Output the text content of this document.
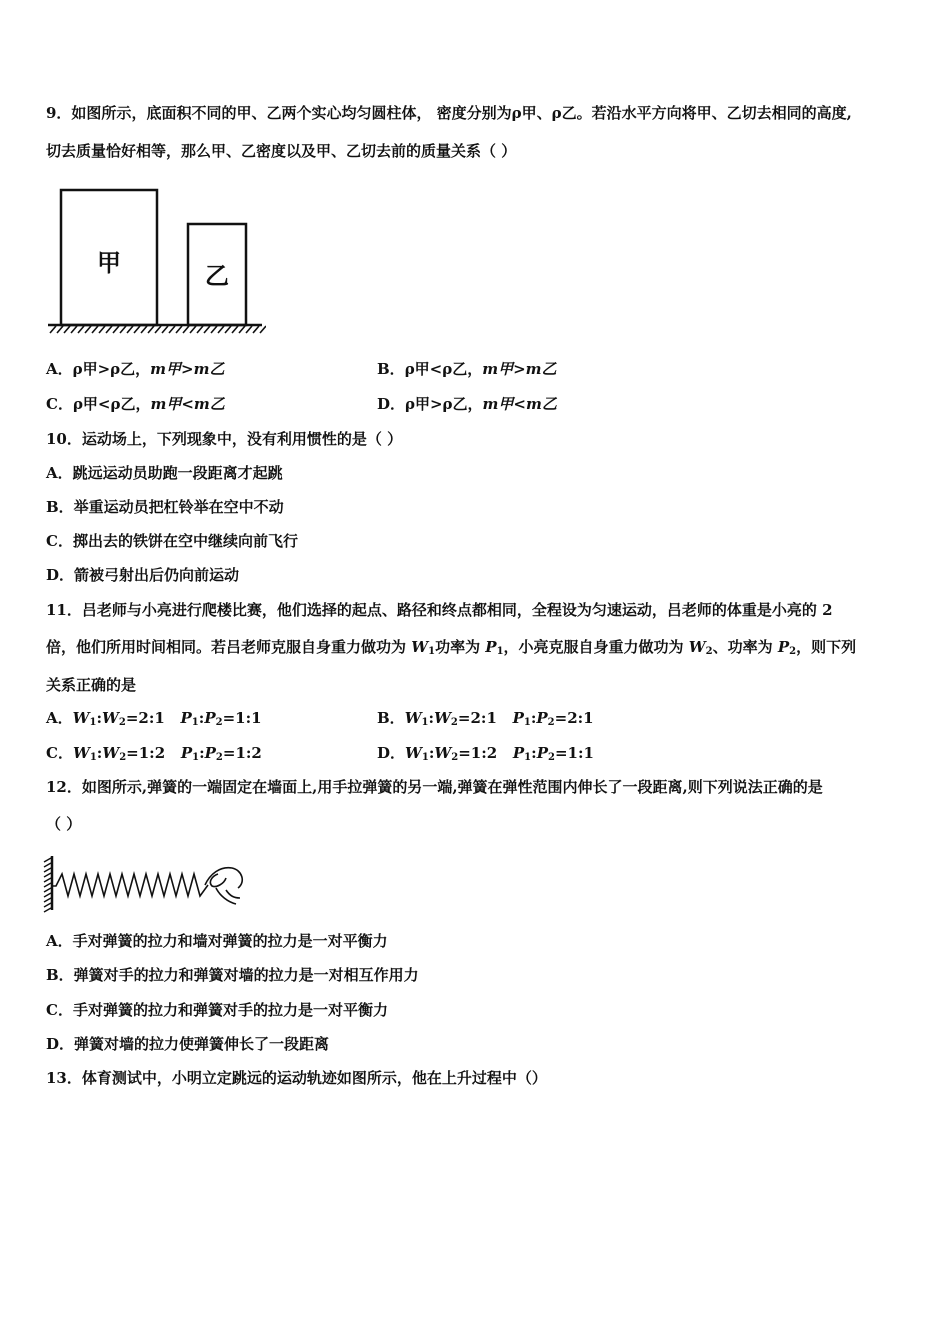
9．如图所示，底面积不同的甲、乙两个实心均匀圆柱体， 密度分别为ρ甲、ρ乙。若沿水平方向将甲、乙切去相同的高度,
切去质量恰好相等，那么甲、乙密度以及甲、乙切去前的质量关系（ ）
甲	乙
A．ρ甲>ρ乙，m甲>m乙	B．ρ甲<ρ乙，m甲>m乙
C．ρ甲<ρ乙，m甲<m乙	D．ρ甲>ρ乙，m甲<m乙
10．运动场上，下列现象中，没有利用惯性的是（ ）
A．跳远运动员助跑一段距离才起跳
B．举重运动员把杠铃举在空中不动
C．掷出去的铁饼在空中继续向前飞行
D．箭被弓射出后仍向前运动
11．吕老师与小亮进行爬楼比赛，他们选择的起点、路径和终点都相同，全程设为匀速运动，吕老师的体重是小亮的 2
倍，他们所用时间相同。若吕老师克服自身重力做功为 $W_1$功率为 $P_1$，小亮克服自身重力做功为 $W_2$、功率为 $P_2$，则下列
关系正确的是
A．$W_1:W_2=2:1$ $P_1:P_2=1:1$	B．$W_1:W_2=2:1$ $P_1:P_2=2:1$
C．$W_1:W_2=1:2$ $P_1:P_2=1:2$	D．$W_1:W_2=1:2$ $P_1:P_2=1:1$
12．如图所示,弹簧的一端固定在墙面上,用手拉弹簧的另一端,弹簧在弹性范围内伸长了一段距离,则下列说法正确的是
（ ）
A．手对弹簧的拉力和墙对弹簧的拉力是一对平衡力
B．弹簧对手的拉力和弹簧对墙的拉力是一对相互作用力
C．手对弹簧的拉力和弹簧对手的拉力是一对平衡力
D．弹簧对墙的拉力使弹簧伸长了一段距离
13．体育测试中，小明立定跳远的运动轨迹如图所示，他在上升过程中（）
